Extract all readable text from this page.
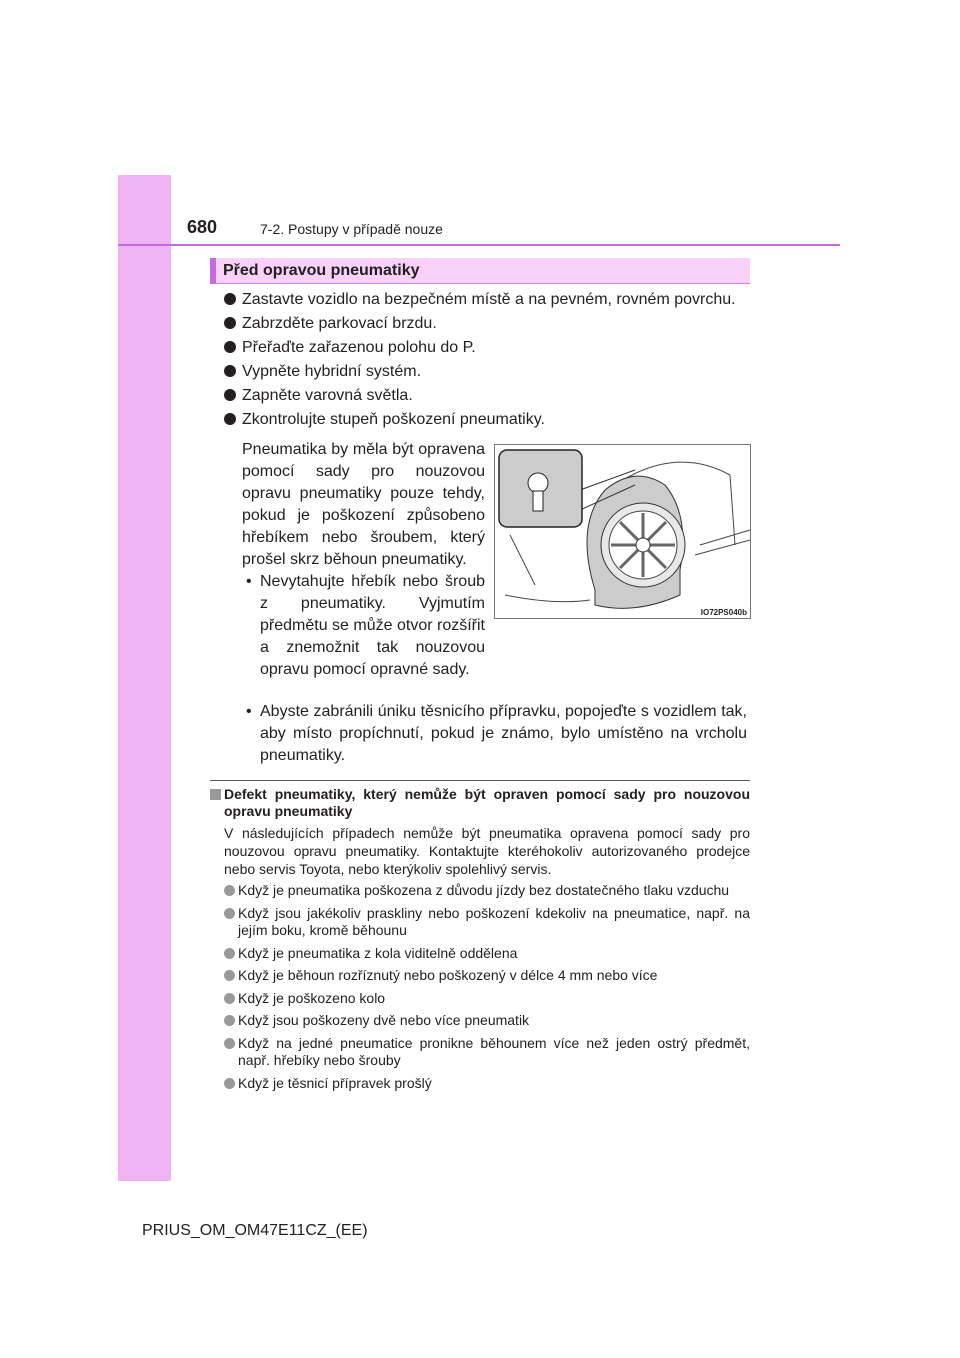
680	7-2. Postupy v případě nouze
Před opravou pneumatiky
Zastavte vozidlo na bezpečném místě a na pevném, rovném povrchu.
Zabrzděte parkovací brzdu.
Přeřaďte zařazenou polohu do P.
Vypněte hybridní systém.
Zapněte varovná světla.
Zkontrolujte stupeň poškození pneumatiky.
Pneumatika by měla být opravena pomocí sady pro nouzovou opravu pneumatiky pouze tehdy, pokud je poškození způsobeno hřebíkem nebo šroubem, který prošel skrz běhoun pneumatiky.
• Nevytahujte hřebík nebo šroub z pneumatiky. Vyjmutím předmětu se může otvor rozšířit a znemožnit tak nouzovou opravu pomocí opravné sady.
• Abyste zabránili úniku těsnicího přípravku, popojeďte s vozidlem tak, aby místo propíchnutí, pokud je známo, bylo umístěno na vrcholu pneumatiky.
IO72PS040b
Defekt pneumatiky, který nemůže být opraven pomocí sady pro nouzovou opravu pneumatiky

V následujících případech nemůže být pneumatika opravena pomocí sady pro nouzovou opravu pneumatiky. Kontaktujte kteréhokoliv autorizovaného prodejce nebo servis Toyota, nebo kterýkoliv spolehlivý servis.

Když je pneumatika poškozena z důvodu jízdy bez dostatečného tlaku vzduchu
Když jsou jakékoliv praskliny nebo poškození kdekoliv na pneumatice, např. na jejím boku, kromě běhounu
Když je pneumatika z kola viditelně oddělena
Když je běhoun rozříznutý nebo poškozený v délce 4 mm nebo více
Když je poškozeno kolo
Když jsou poškozeny dvě nebo více pneumatik
Když na jedné pneumatice pronikne běhounem více než jeden ostrý předmět, např. hřebíky nebo šrouby
Když je těsnicí přípravek prošlý
PRIUS_OM_OM47E11CZ_(EE)
